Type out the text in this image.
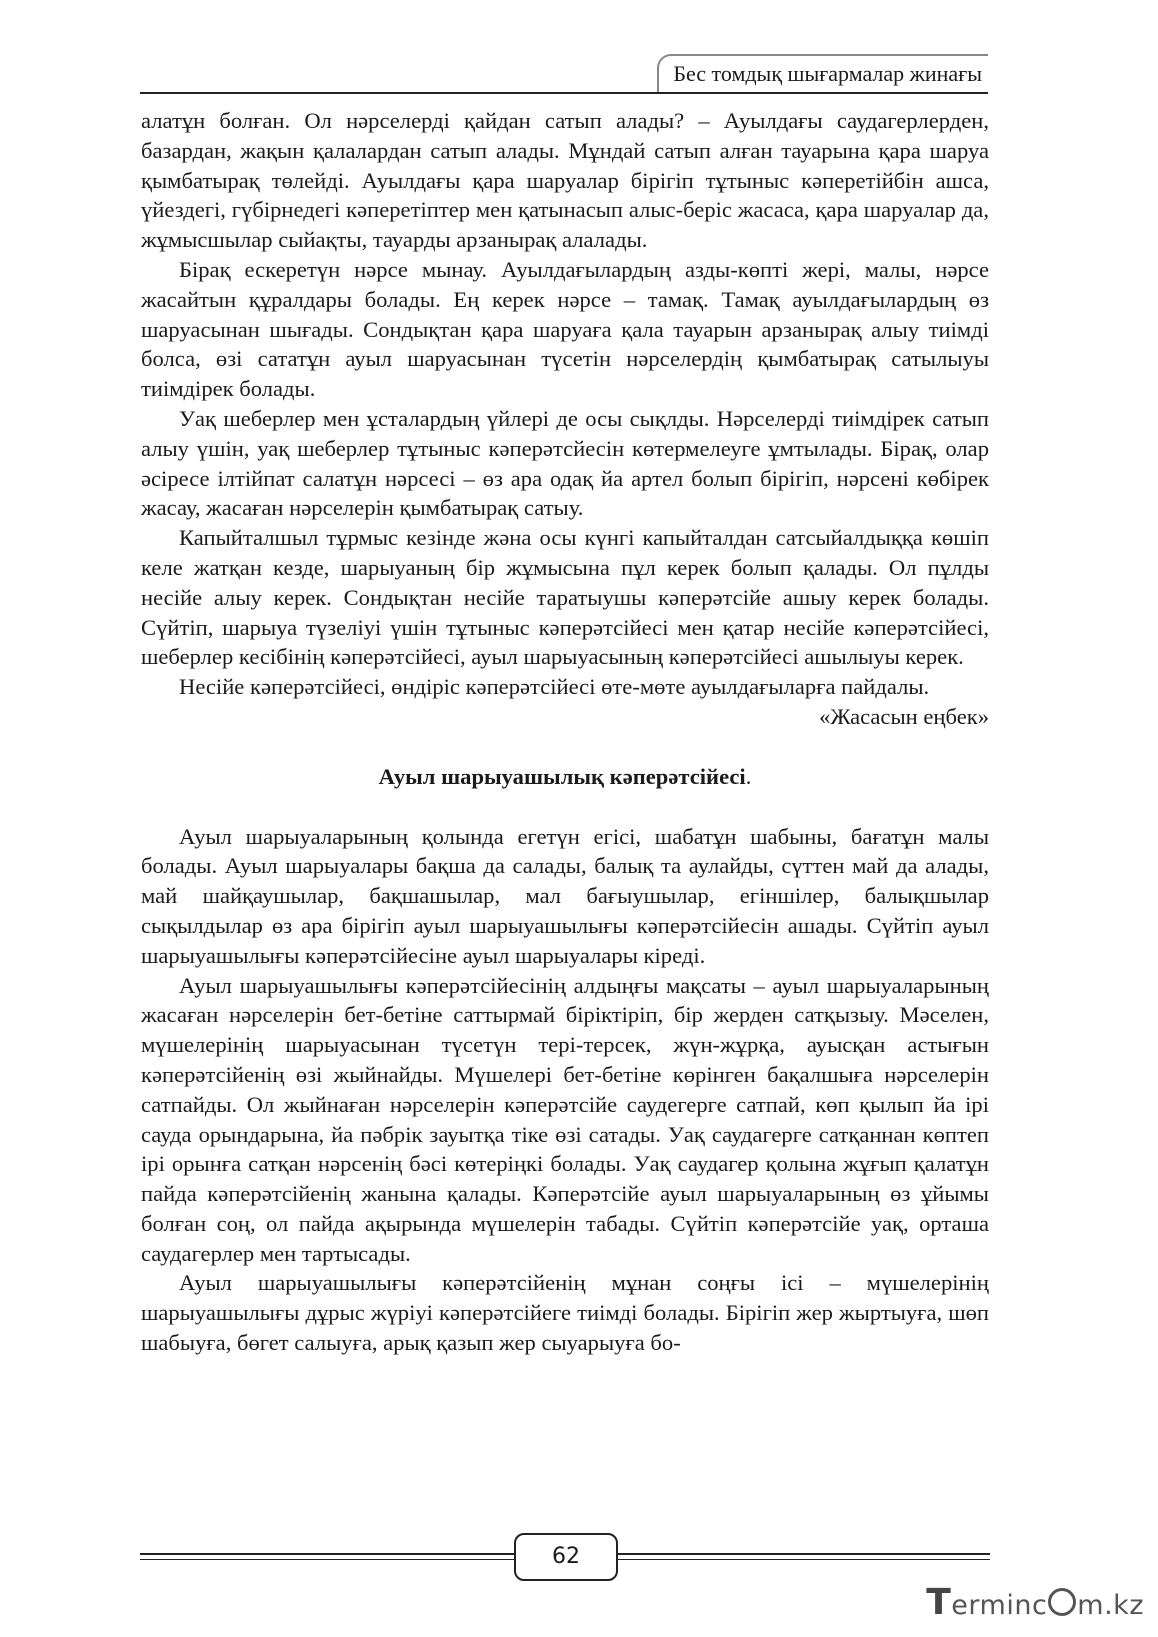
Бес томдық шығармалар жинағы

алатұн болған. Ол нәрселерді қайдан сатып алады? – Ауылдағы саудагерлерден, базардан, жақын қалалардан сатып алады. Мұндай сатып алған тауарына қара шаруа қымбатырақ төлейді. Ауылдағы қара шаруалар бірігіп тұтыныс кәперетійбін ашса, үйездегі, гүбірнедегі кәперетіптер мен қатынасып алыс-беріс жасаса, қара шаруалар да, жұмысшылар сыйақты, тауарды арзанырақ алалады.

Бірақ ескеретүн нәрсе мынау. Ауылдағылардың азды-көпті жері, малы, нәрсе жасайтын құралдары болады. Ең керек нәрсе – тамақ. Тамақ ауылдағылардың өз шаруасынан шығады. Сондықтан қара шаруаға қала тауарын арзанырақ алыу тиімді болса, өзі сататұн ауыл шаруасынан түсетін нәрселердің қымбатырақ сатылыуы тиімдірек болады.

Уақ шеберлер мен ұсталардың үйлері де осы сықлды. Нәрселерді тиімдірек сатып алыу үшін, уақ шеберлер тұтыныс кәперәтсйесін көтермелеуге ұмтылады. Бірақ, олар әсіресе ілтійпат салатұн нәрсесі – өз ара одақ йа артел болып бірігіп, нәрсені көбірек жасау, жасаған нәрселерін қымбатырақ сатыу.

Капыйталшыл тұрмыс кезінде жәна осы күнгі капыйталдан сатсыйалдыққа көшіп келе жатқан кезде, шарыуаның бір жұмысына пұл керек болып қалады. Ол пұлды несійе алыу керек. Сондықтан несійе таратыушы кәперәтсійе ашыу керек болады. Сүйтіп, шарыуа түзеліуі үшін тұтыныс кәперәтсійесі мен қатар несійе кәперәтсійесі, шеберлер кесібінің кәперәтсійесі, ауыл шарыуасының кәперәтсійесі ашылыуы керек.

Несійе кәперәтсійесі, өндіріс кәперәтсійесі өте-мөте ауылдағыларға пайдалы.

«Жасасын еңбек»
Ауыл шарыуашылық кәперәтсійесі.

Ауыл шарыуаларының қолында егетүн егісі, шабатұн шабыны, бағатұн малы болады. Ауыл шарыуалары бақша да салады, балық та аулайды, сүттен май да алады, май шайқаушылар, бақшашылар, мал бағыушылар, егіншілер, балықшылар сықылдылар өз ара бірігіп ауыл шарыуашылығы кәперәтсійесін ашады. Сүйтіп ауыл шарыуашылығы кәперәтсійесіне ауыл шарыуалары кіреді.

Ауыл шарыуашылығы кәперәтсійесінің алдыңғы мақсаты – ауыл шарыуаларының жасаған нәрселерін бет-бетіне саттырмай біріктіріп, бір жерден сатқызыу. Мәселен, мүшелерінің шарыуасынан түсетүн тері-терсек, жүн-жұрқа, ауысқан астығын кәперәтсійенің өзі жыйнайды. Мүшелері бет-бетіне көрінген бақалшыға нәрселерін сатпайды. Ол жыйнаған нәрселерін кәперәтсійе саудегерге сатпай, көп қылып йа ірі сауда орындарына, йа пәбрік зауытқа тіке өзі сатады. Уақ саудагерге сатқаннан көптеп ірі орынға сатқан нәрсенің бәсі көтеріңкі болады. Уақ саудагер қолына жұғып қалатұн пайда кәперәтсійенің жанына қалады. Кәперәтсійе ауыл шарыуаларының өз ұйымы болған соң, ол пайда ақырында мүшелерін табады. Сүйтіп кәперәтсійе уақ, орташа саудагерлер мен тартысады.

Ауыл шарыуашылығы кәперәтсійенің мұнан соңғы ісі – мүшелерінің шарыуашылығы дұрыс жүріуі кәперәтсійеге тиімді болады. Бірігіп жер жыртыуға, шөп шабыуға, бөгет салыуға, арық қазып жер сыуарыуға бо-

62
Terminc m.kz
